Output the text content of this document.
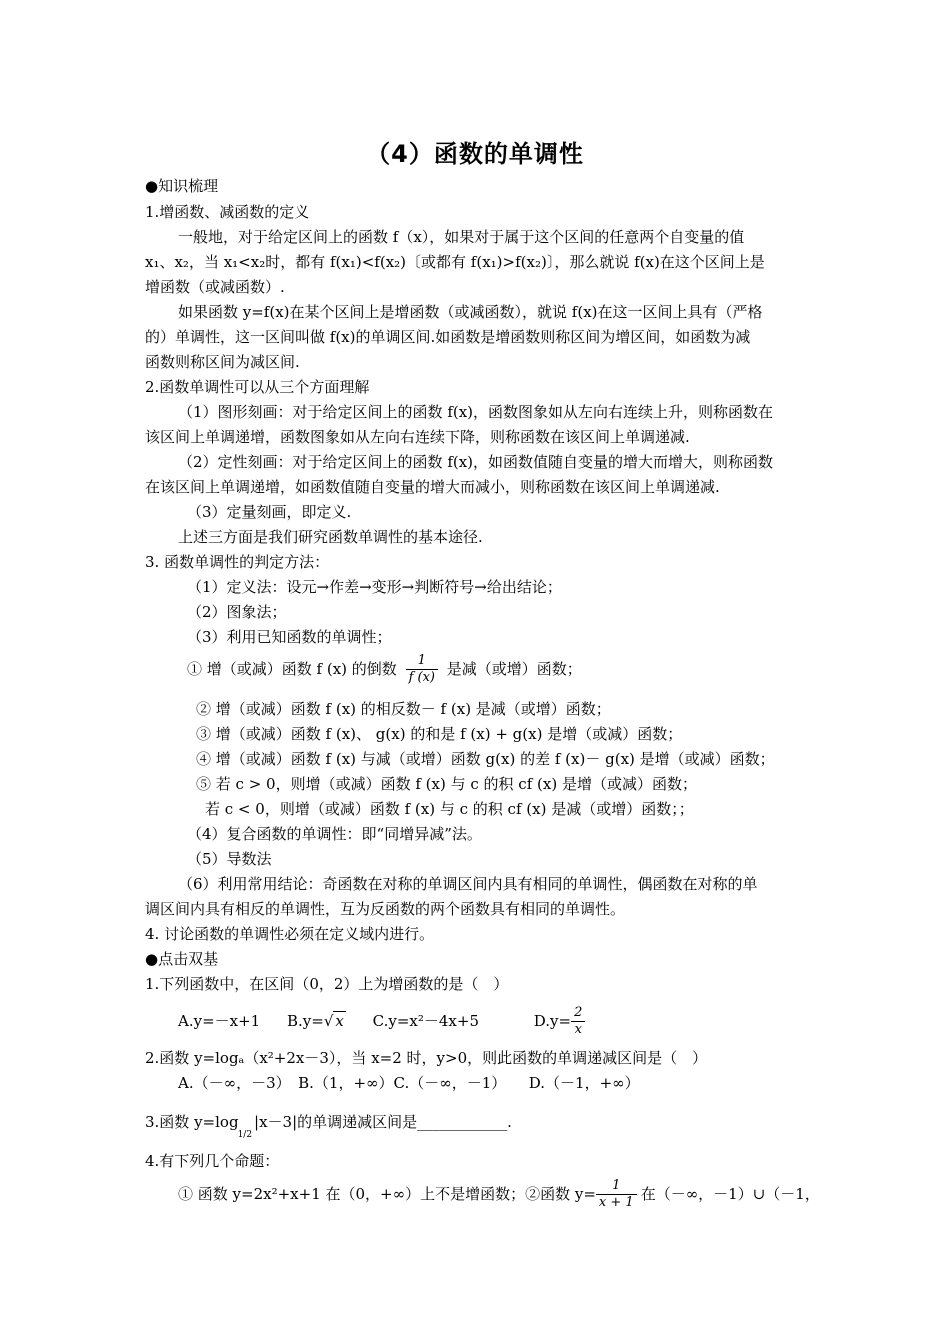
（4）函数的单调性
●知识梳理
1.增函数、减函数的定义
一般地，对于给定区间上的函数 f（x），如果对于属于这个区间的任意两个自变量的值
x₁、x₂，当 x₁<x₂时，都有 f(x₁)<f(x₂)〔或都有 f(x₁)>f(x₂)〕，那么就说 f(x)在这个区间上是
增函数（或减函数）.
如果函数 y=f(x)在某个区间上是增函数（或减函数），就说 f(x)在这一区间上具有（严格
的）单调性，这一区间叫做 f(x)的单调区间.如函数是增函数则称区间为增区间，如函数为减
函数则称区间为减区间.
2.函数单调性可以从三个方面理解
（1）图形刻画：对于给定区间上的函数 f(x)，函数图象如从左向右连续上升，则称函数在
该区间上单调递增，函数图象如从左向右连续下降，则称函数在该区间上单调递减.
（2）定性刻画：对于给定区间上的函数 f(x)，如函数值随自变量的增大而增大，则称函数
在该区间上单调递增，如函数值随自变量的增大而减小，则称函数在该区间上单调递减.
（3）定量刻画，即定义.
上述三方面是我们研究函数单调性的基本途径.
3. 函数单调性的判定方法：
（1）定义法：设元→作差→变形→判断符号→给出结论；
（2）图象法；
（3）利用已知函数的单调性；
① 增（或减）函数 f (x) 的倒数 $\frac{1}{f (x)}$ 是减（或增）函数；
② 增（或减）函数 f (x) 的相反数－ f (x) 是减（或增）函数；
③ 增（或减）函数 f (x)、 g(x) 的和是 f (x) + g(x) 是增（或减）函数；
④ 增（或减）函数 f (x) 与减（或增）函数 g(x) 的差 f (x)－ g(x) 是增（或减）函数；
⑤ 若 c > 0，则增（或减）函数 f (x) 与 c 的积 cf (x) 是增（或减）函数；
若 c < 0，则增（或减）函数 f (x) 与 c 的积 cf (x) 是减（或增）函数；；
（4）复合函数的单调性：即“同增异减”法。
（5）导数法
（6）利用常用结论：奇函数在对称的单调区间内具有相同的单调性，偶函数在对称的单
调区间内具有相反的单调性，互为反函数的两个函数具有相同的单调性。
4. 讨论函数的单调性必须在定义域内进行。
●点击双基
1.下列函数中，在区间（0，2）上为增函数的是（　）
A.y=－x+1 B.y=√ x C.y=x²－4x+5	$D.y= \frac{2}{x}$
2.函数 y=logₐ（x²+2x－3），当 x=2 时，y>0，则此函数的单调递减区间是（　）
A.（－∞，－3）　B.（1，+∞）C.（－∞，－1）　　D.（－1，+∞）
3.函数 $y=\log_{1/2}|x-3|$的单调递减区间是____________.
4.有下列几个命题：
① 函数 y=2x²+x+1 在（0，+∞）上不是增函数；②函数 $y= \frac{1}{x + 1}$ 在（－∞，－1）∪（－1，
